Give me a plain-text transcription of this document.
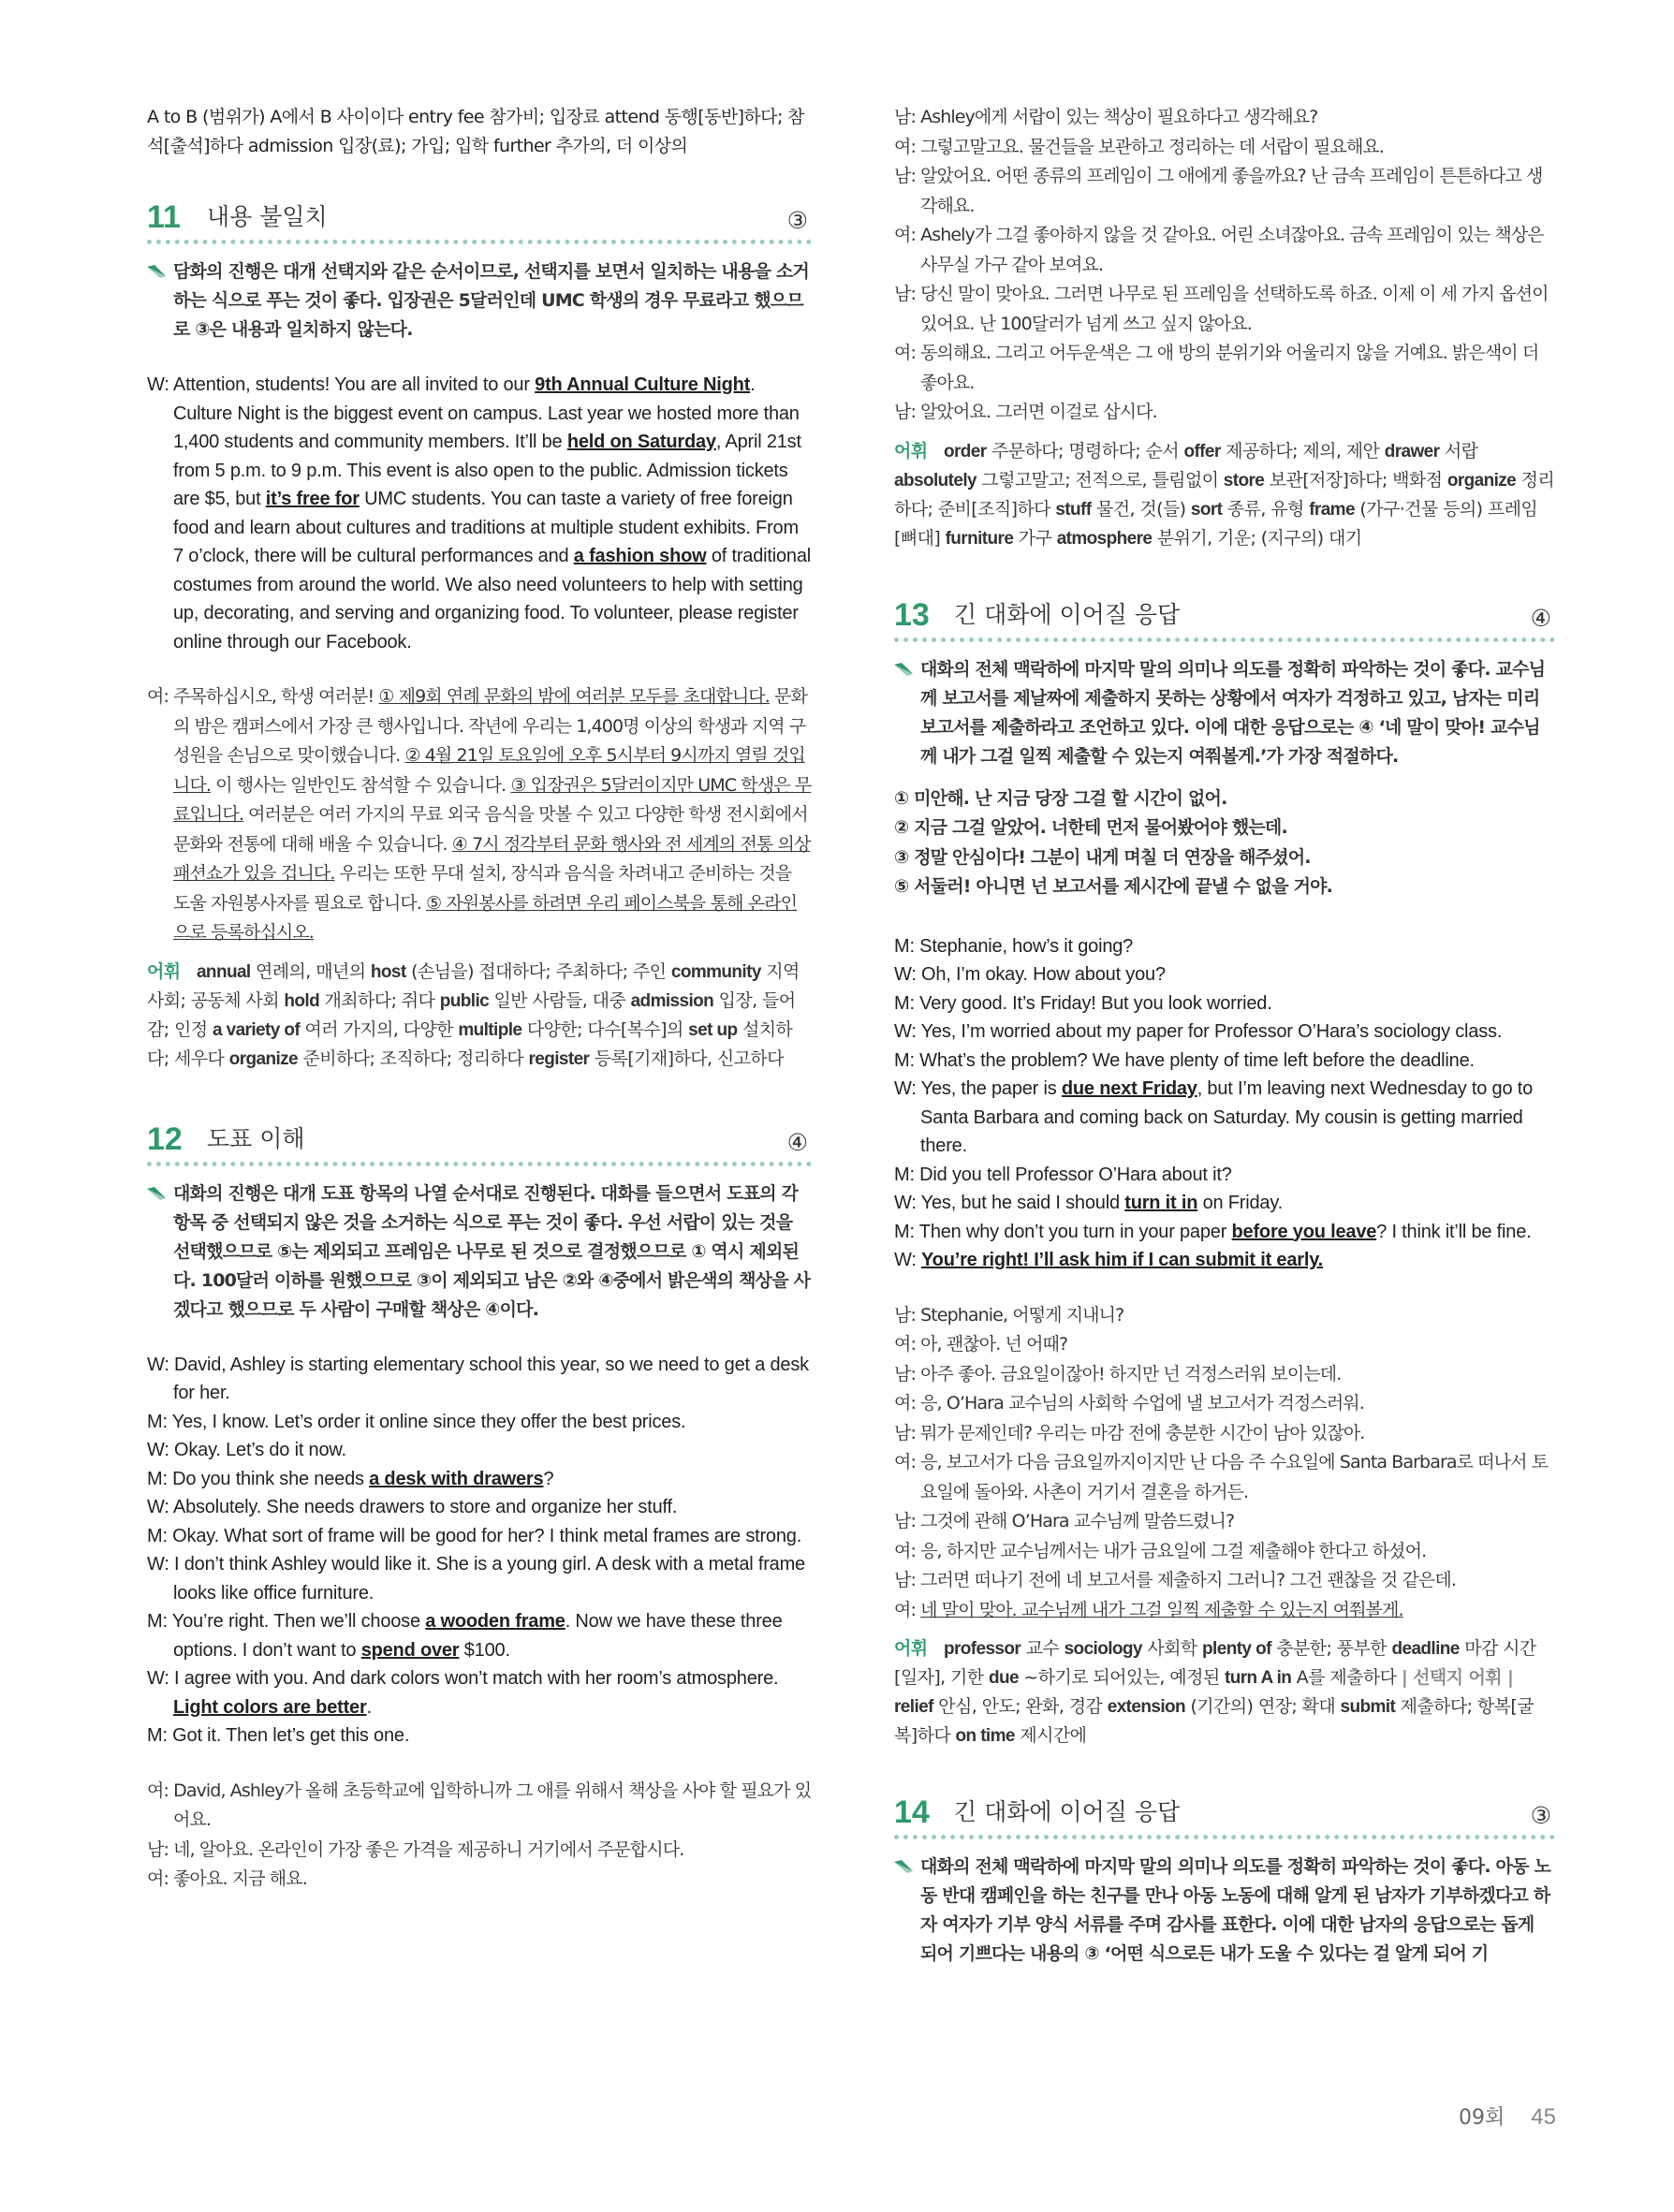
A to B (범위가) A에서 B 사이이다 entry fee 참가비; 입장료 attend 동행[동반]하다; 참석[출석]하다 admission 입장(료); 가입; 입학 further 추가의, 더 이상의

11 내용 불일치	③
담화의 진행은 대개 선택지와 같은 순서이므로, 선택지를 보면서 일치하는 내용을 소거하는 식으로 푸는 것이 좋다. 입장권은 5달러인데 UMC 학생의 경우 무료라고 했으므로 ③은 내용과 일치하지 않는다.
W: Attention, students! You are all invited to our 9th Annual Culture Night. Culture Night is the biggest event on campus. Last year we hosted more than 1,400 students and community members. It’ll be held on Saturday, April 21st from 5 p.m. to 9 p.m. This event is also open to the public. Admission tickets are $5, but it’s free for UMC students. You can taste a variety of free foreign food and learn about cultures and traditions at multiple student exhibits. From 7 o’clock, there will be cultural performances and a fashion show of traditional costumes from around the world. We also need volunteers to help with setting up, decorating, and serving and organizing food. To volunteer, please register online through our Facebook.
여: 주목하십시오, 학생 여러분! ① 제9회 연례 문화의 밤에 여러분 모두를 초대합니다. 문화의 밤은 캠퍼스에서 가장 큰 행사입니다. 작년에 우리는 1,400명 이상의 학생과 지역 구성원을 손님으로 맞이했습니다. ② 4월 21일 토요일에 오후 5시부터 9시까지 열릴 것입니다. 이 행사는 일반인도 참석할 수 있습니다. ③ 입장권은 5달러이지만 UMC 학생은 무료입니다. 여러분은 여러 가지의 무료 외국 음식을 맛볼 수 있고 다양한 학생 전시회에서 문화와 전통에 대해 배울 수 있습니다. ④ 7시 정각부터 문화 행사와 전 세계의 전통 의상 패션쇼가 있을 겁니다. 우리는 또한 무대 설치, 장식과 음식을 차려내고 준비하는 것을 도울 자원봉사자를 필요로 합니다. ⑤ 자원봉사를 하려면 우리 페이스북을 통해 온라인으로 등록하십시오.
어휘 annual 연례의, 매년의 host (손님을) 접대하다; 주최하다; 주인 community 지역 사회; 공동체 사회 hold 개최하다; 쥐다 public 일반 사람들, 대중 admission 입장, 들어감; 인정 a variety of 여러 가지의, 다양한 multiple 다양한; 다수[복수]의 set up 설치하다; 세우다 organize 준비하다; 조직하다; 정리하다 register 등록[기재]하다, 신고하다
12 도표 이해	④
대화의 진행은 대개 도표 항목의 나열 순서대로 진행된다. 대화를 들으면서 도표의 각 항목 중 선택되지 않은 것을 소거하는 식으로 푸는 것이 좋다. 우선 서랍이 있는 것을 선택했으므로 ⑤는 제외되고 프레임은 나무로 된 것으로 결정했으므로 ① 역시 제외된다. 100달러 이하를 원했으므로 ③이 제외되고 남은 ②와 ④중에서 밝은색의 책상을 사겠다고 했으므로 두 사람이 구매할 책상은 ④이다.
W: David, Ashley is starting elementary school this year, so we need to get a desk for her.
M: Yes, I know. Let’s order it online since they offer the best prices.
W: Okay. Let’s do it now.
M: Do you think she needs a desk with drawers?
W: Absolutely. She needs drawers to store and organize her stuff.
M: Okay. What sort of frame will be good for her? I think metal frames are strong.
W: I don’t think Ashley would like it. She is a young girl. A desk with a metal frame looks like office furniture.
M: You’re right. Then we’ll choose a wooden frame. Now we have these three options. I don’t want to spend over $100.
W: I agree with you. And dark colors won’t match with her room’s atmosphere. Light colors are better.
M: Got it. Then let’s get this one.
여: David, Ashley가 올해 초등학교에 입학하니까 그 애를 위해서 책상을 사야 할 필요가 있어요.
남: 네, 알아요. 온라인이 가장 좋은 가격을 제공하니 거기에서 주문합시다.
여: 좋아요. 지금 해요.
남: Ashley에게 서랍이 있는 책상이 필요하다고 생각해요?
여: 그렇고말고요. 물건들을 보관하고 정리하는 데 서랍이 필요해요.
남: 알았어요. 어떤 종류의 프레임이 그 애에게 좋을까요? 난 금속 프레임이 튼튼하다고 생각해요.
여: Ashely가 그걸 좋아하지 않을 것 같아요. 어린 소녀잖아요. 금속 프레임이 있는 책상은 사무실 가구 같아 보여요.
남: 당신 말이 맞아요. 그러면 나무로 된 프레임을 선택하도록 하죠. 이제 이 세 가지 옵션이 있어요. 난 100달러가 넘게 쓰고 싶지 않아요.
여: 동의해요. 그리고 어두운색은 그 애 방의 분위기와 어울리지 않을 거예요. 밝은색이 더 좋아요.
남: 알았어요. 그러면 이걸로 삽시다.
어휘 order 주문하다; 명령하다; 순서 offer 제공하다; 제의, 제안 drawer 서랍 absolutely 그렇고말고; 전적으로, 틀림없이 store 보관[저장]하다; 백화점 organize 정리하다; 준비[조직]하다 stuff 물건, 것(들) sort 종류, 유형 frame (가구·건물 등의) 프레임[뼈대] furniture 가구 atmosphere 분위기, 기운; (지구의) 대기
13 긴 대화에 이어질 응답	④
대화의 전체 맥락하에 마지막 말의 의미나 의도를 정확히 파악하는 것이 좋다. 교수님께 보고서를 제날짜에 제출하지 못하는 상황에서 여자가 걱정하고 있고, 남자는 미리 보고서를 제출하라고 조언하고 있다. 이에 대한 응답으로는 ④ ‘네 말이 맞아! 교수님께 내가 그걸 일찍 제출할 수 있는지 여쭤볼게.’가 가장 적절하다.
① 미안해. 난 지금 당장 그걸 할 시간이 없어.
② 지금 그걸 알았어. 너한테 먼저 물어봤어야 했는데.
③ 정말 안심이다! 그분이 내게 며칠 더 연장을 해주셨어.
⑤ 서둘러! 아니면 넌 보고서를 제시간에 끝낼 수 없을 거야.
M: Stephanie, how’s it going?
W: Oh, I’m okay. How about you?
M: Very good. It’s Friday! But you look worried.
W: Yes, I’m worried about my paper for Professor O’Hara’s sociology class.
M: What’s the problem? We have plenty of time left before the deadline.
W: Yes, the paper is due next Friday, but I’m leaving next Wednesday to go to Santa Barbara and coming back on Saturday. My cousin is getting married there.
M: Did you tell Professor O’Hara about it?
W: Yes, but he said I should turn it in on Friday.
M: Then why don’t you turn in your paper before you leave? I think it’ll be fine.
W: You’re right! I’ll ask him if I can submit it early.
남: Stephanie, 어떻게 지내니?
여: 아, 괜찮아. 넌 어때?
남: 아주 좋아. 금요일이잖아! 하지만 넌 걱정스러워 보이는데.
여: 응, O’Hara 교수님의 사회학 수업에 낼 보고서가 걱정스러워.
남: 뭐가 문제인데? 우리는 마감 전에 충분한 시간이 남아 있잖아.
여: 응, 보고서가 다음 금요일까지이지만 난 다음 주 수요일에 Santa Barbara로 떠나서 토요일에 돌아와. 사촌이 거기서 결혼을 하거든.
남: 그것에 관해 O’Hara 교수님께 말씀드렸니?
여: 응, 하지만 교수님께서는 내가 금요일에 그걸 제출해야 한다고 하셨어.
남: 그러면 떠나기 전에 네 보고서를 제출하지 그러니? 그건 괜찮을 것 같은데.
여: 네 말이 맞아. 교수님께 내가 그걸 일찍 제출할 수 있는지 여쭤볼게.
어휘 professor 교수 sociology 사회학 plenty of 충분한; 풍부한 deadline 마감 시간[일자], 기한 due ~하기로 되어있는, 예정된 turn A in A를 제출하다 | 선택지 어휘 | relief 안심, 안도; 완화, 경감 extension (기간의) 연장; 확대 submit 제출하다; 항복[굴복]하다 on time 제시간에
14 긴 대화에 이어질 응답	③
대화의 전체 맥락하에 마지막 말의 의미나 의도를 정확히 파악하는 것이 좋다. 아동 노동 반대 캠페인을 하는 친구를 만나 아동 노동에 대해 알게 된 남자가 기부하겠다고 하자 여자가 기부 양식 서류를 주며 감사를 표한다. 이에 대한 남자의 응답으로는 돕게 되어 기쁘다는 내용의 ③ ‘어떤 식으로든 내가 도울 수 있다는 걸 알게 되어 기
09회 45
